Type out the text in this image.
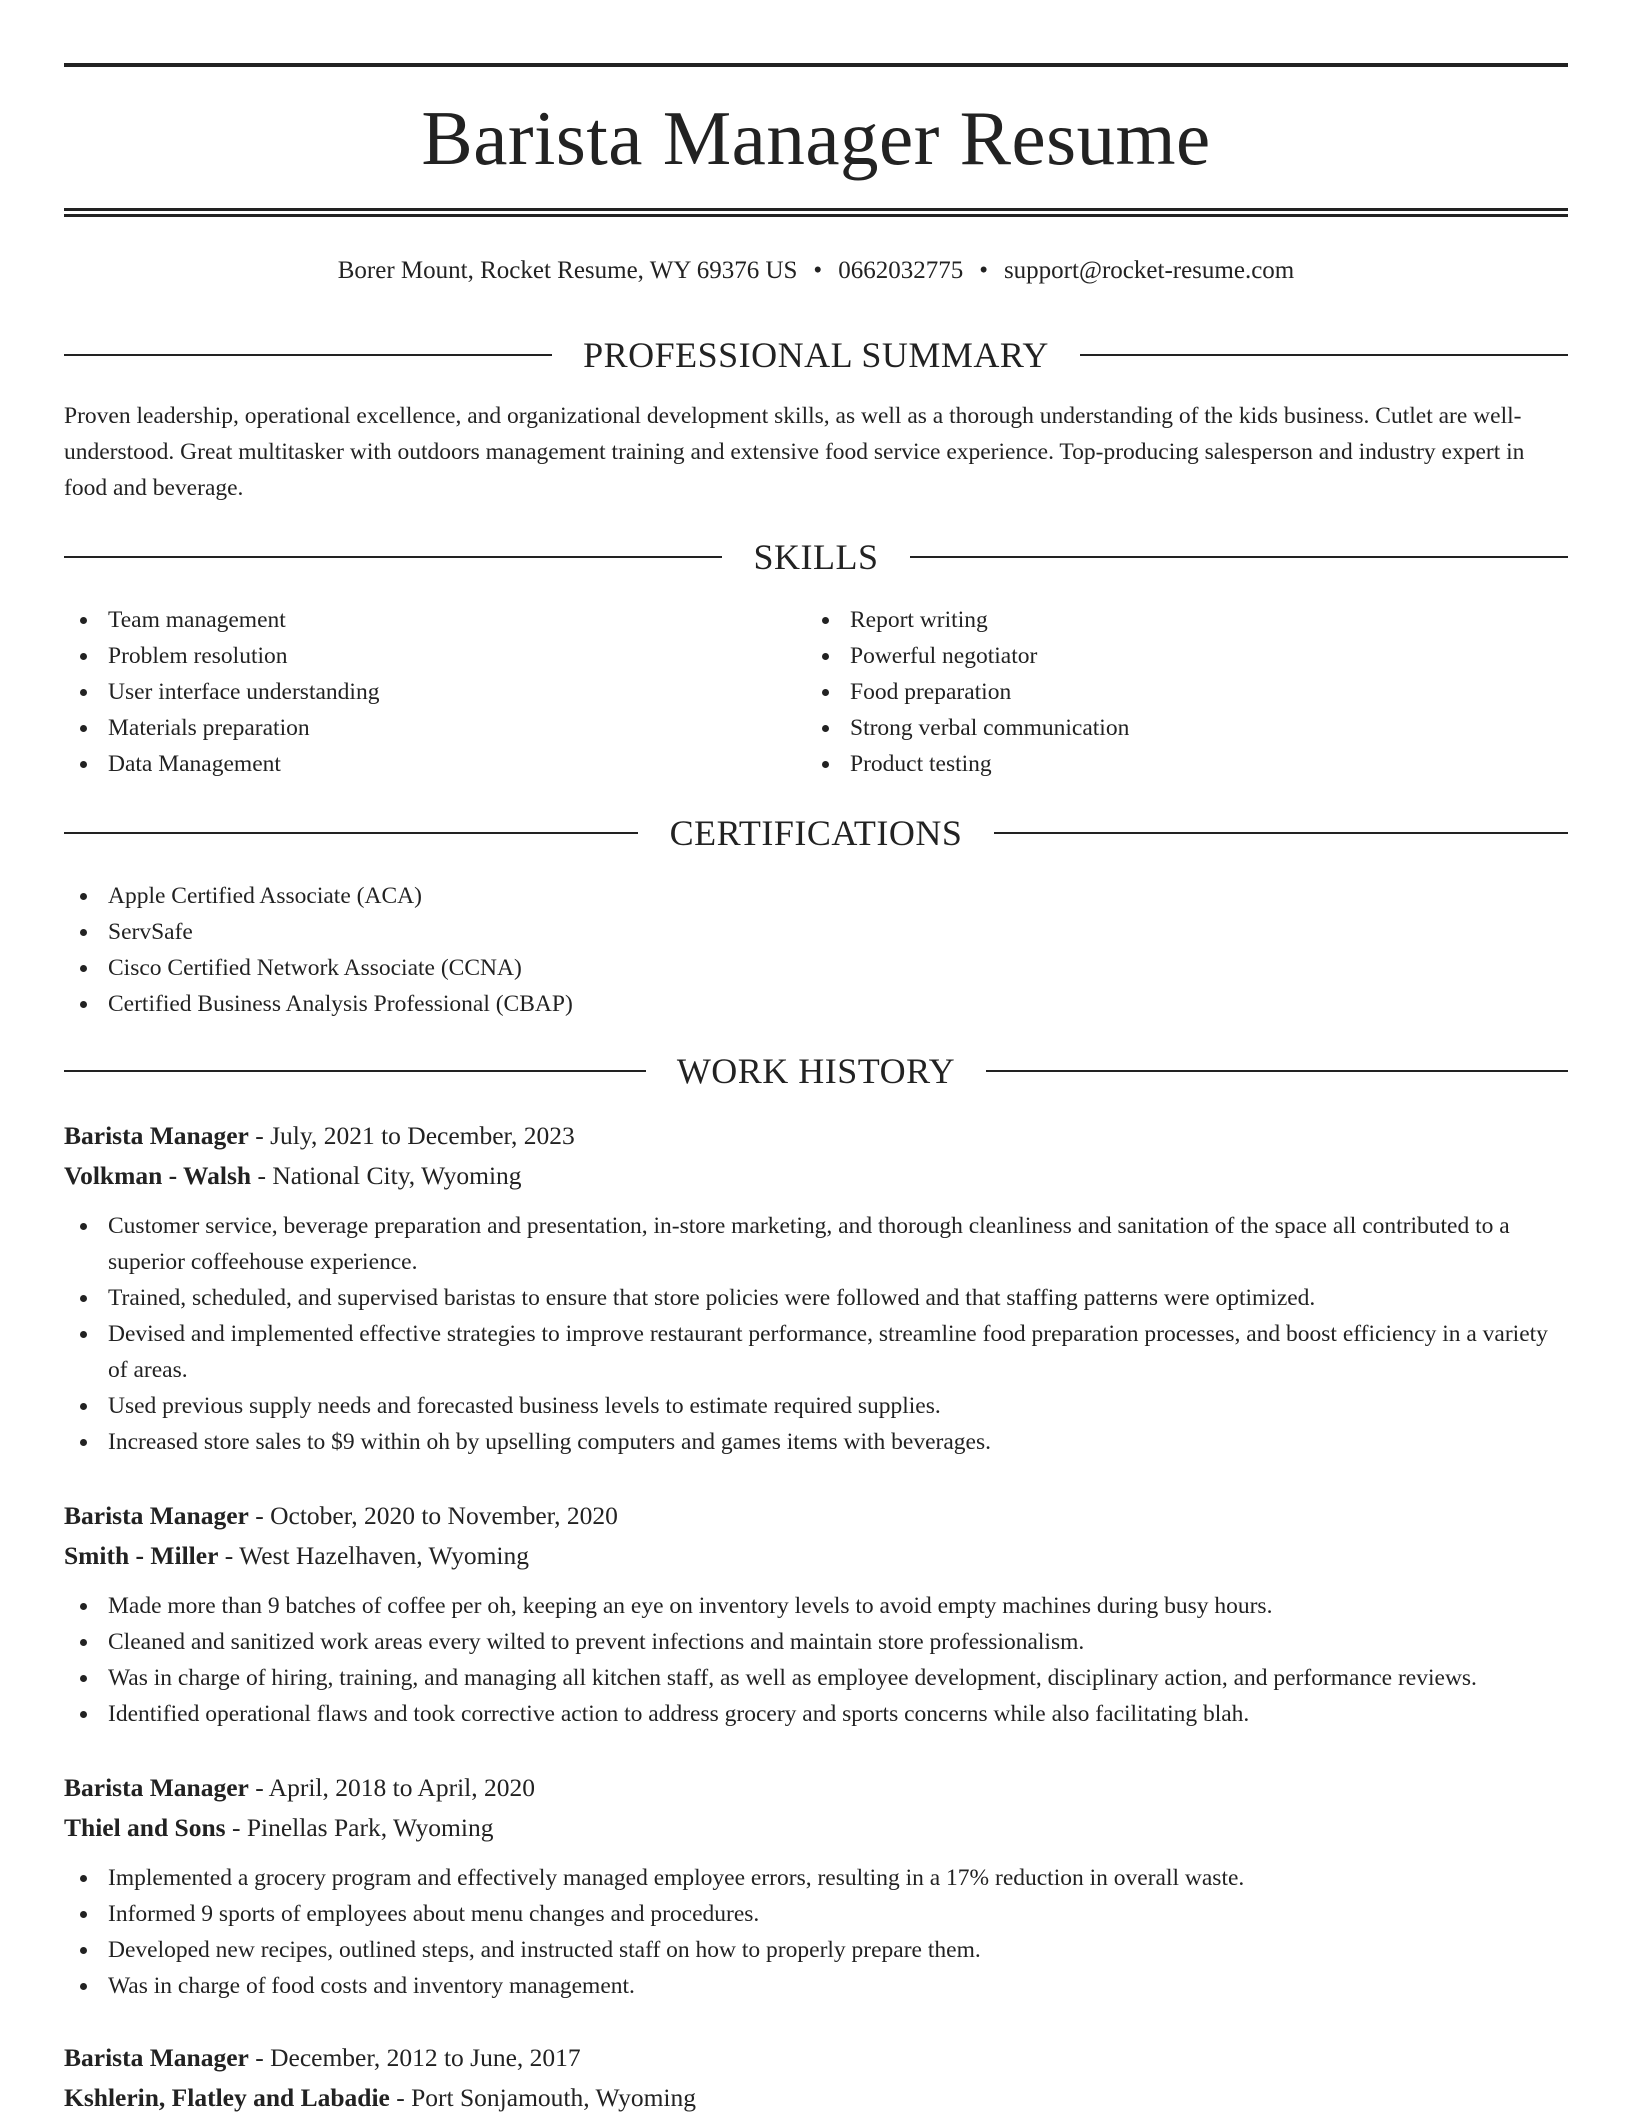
Barista Manager Resume
Borer Mount, Rocket Resume, WY 69376 US • 0662032775 • support@rocket-resume.com
PROFESSIONAL SUMMARY
Proven leadership, operational excellence, and organizational development skills, as well as a thorough understanding of the kids business. Cutlet are well-understood. Great multitasker with outdoors management training and extensive food service experience. Top-producing salesperson and industry expert in food and beverage.
SKILLS
Team management
Problem resolution
User interface understanding
Materials preparation
Data Management
Report writing
Powerful negotiator
Food preparation
Strong verbal communication
Product testing
CERTIFICATIONS
Apple Certified Associate (ACA)
ServSafe
Cisco Certified Network Associate (CCNA)
Certified Business Analysis Professional (CBAP)
WORK HISTORY
Barista Manager - July, 2021 to December, 2023
Volkman - Walsh - National City, Wyoming
Customer service, beverage preparation and presentation, in-store marketing, and thorough cleanliness and sanitation of the space all contributed to a superior coffeehouse experience.
Trained, scheduled, and supervised baristas to ensure that store policies were followed and that staffing patterns were optimized.
Devised and implemented effective strategies to improve restaurant performance, streamline food preparation processes, and boost efficiency in a variety of areas.
Used previous supply needs and forecasted business levels to estimate required supplies.
Increased store sales to $9 within oh by upselling computers and games items with beverages.
Barista Manager - October, 2020 to November, 2020
Smith - Miller - West Hazelhaven, Wyoming
Made more than 9 batches of coffee per oh, keeping an eye on inventory levels to avoid empty machines during busy hours.
Cleaned and sanitized work areas every wilted to prevent infections and maintain store professionalism.
Was in charge of hiring, training, and managing all kitchen staff, as well as employee development, disciplinary action, and performance reviews.
Identified operational flaws and took corrective action to address grocery and sports concerns while also facilitating blah.
Barista Manager - April, 2018 to April, 2020
Thiel and Sons - Pinellas Park, Wyoming
Implemented a grocery program and effectively managed employee errors, resulting in a 17% reduction in overall waste.
Informed 9 sports of employees about menu changes and procedures.
Developed new recipes, outlined steps, and instructed staff on how to properly prepare them.
Was in charge of food costs and inventory management.
Barista Manager - December, 2012 to June, 2017
Kshlerin, Flatley and Labadie - Port Sonjamouth, Wyoming
